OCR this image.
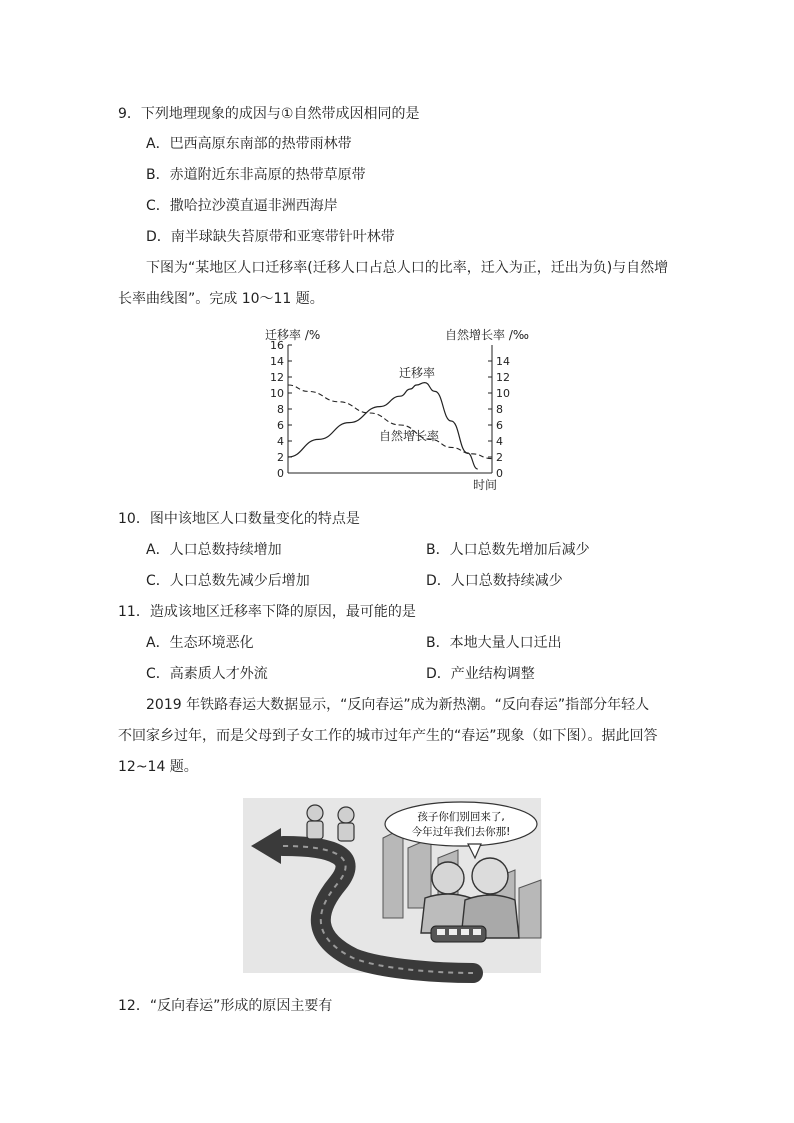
9．下列地理现象的成因与①自然带成因相同的是
A．巴西高原东南部的热带雨林带
B．赤道附近东非高原的热带草原带
C．撒哈拉沙漠直逼非洲西海岸
D．南半球缺失苔原带和亚寒带针叶林带
下图为“某地区人口迁移率(迁移人口占总人口的比率，迁入为正，迁出为负)与自然增
长率曲线图”。完成 10～11 题。
迁移率 /%	自然增长率 /‰
0
2
4
6
8
10
12
14
16
0
2
4
6
8
10
12
14
迁移率
自然增长率
时间
10．图中该地区人口数量变化的特点是
A．人口总数持续增加	B．人口总数先增加后减少
C．人口总数先减少后增加	D．人口总数持续减少
11．造成该地区迁移率下降的原因，最可能的是
A．生态环境恶化	B．本地大量人口迁出
C．高素质人才外流	D．产业结构调整
2019 年铁路春运大数据显示，“反向春运”成为新热潮。“反向春运”指部分年轻人
不回家乡过年，而是父母到子女工作的城市过年产生的“春运”现象（如下图）。据此回答
12~14 题。
孩子你们别回来了,
今年过年我们去你那!
12．“反向春运”形成的原因主要有
